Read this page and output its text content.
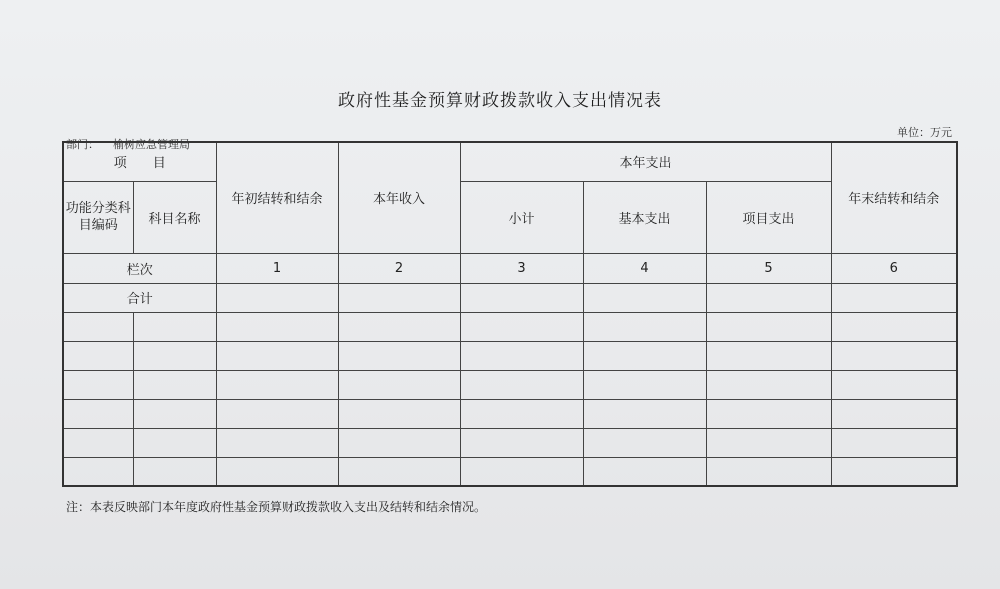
政府性基金预算财政拨款收入支出情况表
部门： 榆树应急管理局
单位：万元
项　　目		年初结转和结余	本年收入	本年支出			年末结转和结余
功能分类科目编码	科目名称			小计	基本支出	项目支出	

栏次		1	2	3	4	5	6
合计							

注：本表反映部门本年度政府性基金预算财政拨款收入支出及结转和结余情况。
